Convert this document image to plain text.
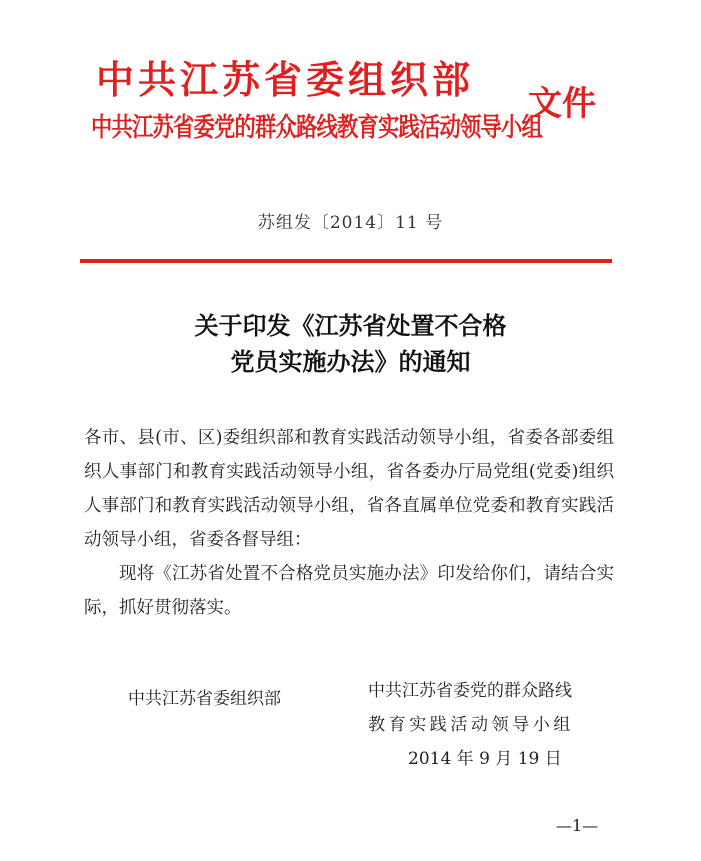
中共江苏省委组织部
中共江苏省委党的群众路线教育实践活动领导小组
文件
苏组发〔2014〕11 号
关于印发《江苏省处置不合格
党员实施办法》的通知

各市、县(市、区)委组织部和教育实践活动领导小组，省委各部委组织人事部门和教育实践活动领导小组，省各委办厅局党组(党委)组织人事部门和教育实践活动领导小组，省各直属单位党委和教育实践活动领导小组，省委各督导组：

现将《江苏省处置不合格党员实施办法》印发给你们，请结合实际，抓好贯彻落实。

中共江苏省委组织部	中共江苏省委党的群众路线
教育实践活动领导小组
2014 年 9 月 19 日
—1—
